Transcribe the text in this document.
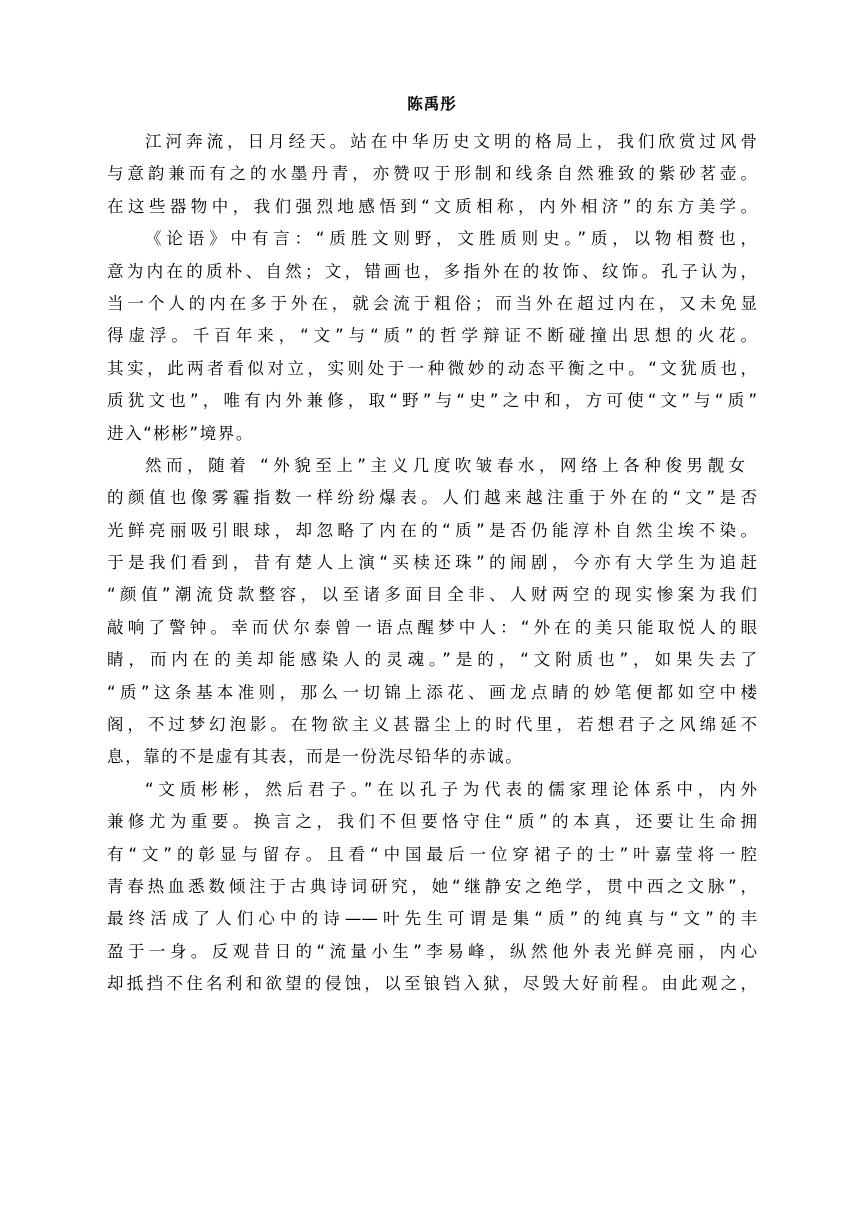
陈禹彤
江河奔流，日月经天。站在中华历史文明的格局上，我们欣赏过风骨
与意韵兼而有之的水墨丹青，亦赞叹于形制和线条自然雅致的紫砂茗壶。
在这些器物中，我们强烈地感悟到“文质相称，内外相济”的东方美学。
《论语》中有言：“质胜文则野，文胜质则史。”质，以物相赘也，
意为内在的质朴、自然；文，错画也，多指外在的妆饰、纹饰。孔子认为，
当一个人的内在多于外在，就会流于粗俗；而当外在超过内在，又未免显
得虚浮。千百年来，“文”与“质”的哲学辩证不断碰撞出思想的火花。
其实，此两者看似对立，实则处于一种微妙的动态平衡之中。“文犹质也，
质犹文也”，唯有内外兼修，取“野”与“史”之中和，方可使“文”与“质”
进入“彬彬”境界。
然而，随着 “外貌至上”主义几度吹皱春水，网络上各种俊男靓女
的颜值也像雾霾指数一样纷纷爆表。人们越来越注重于外在的“文”是否
光鲜亮丽吸引眼球，却忽略了内在的“质”是否仍能淳朴自然尘埃不染。
于是我们看到，昔有楚人上演“买椟还珠”的闹剧，今亦有大学生为追赶
“颜值”潮流贷款整容，以至诸多面目全非、人财两空的现实惨案为我们
敲响了警钟。幸而伏尔泰曾一语点醒梦中人：“外在的美只能取悦人的眼
睛，而内在的美却能感染人的灵魂。”是的，“文附质也”，如果失去了
“质”这条基本准则，那么一切锦上添花、画龙点睛的妙笔便都如空中楼
阁，不过梦幻泡影。在物欲主义甚嚣尘上的时代里，若想君子之风绵延不
息，靠的不是虚有其表，而是一份洗尽铅华的赤诚。
“文质彬彬，然后君子。”在以孔子为代表的儒家理论体系中，内外
兼修尤为重要。换言之，我们不但要恪守住“质”的本真，还要让生命拥
有“文”的彰显与留存。且看“中国最后一位穿裙子的士”叶嘉莹将一腔
青春热血悉数倾注于古典诗词研究，她“继静安之绝学，贯中西之文脉”，
最终活成了人们心中的诗——叶先生可谓是集“质”的纯真与“文”的丰
盈于一身。反观昔日的“流量小生”李易峰，纵然他外表光鲜亮丽，内心
却抵挡不住名利和欲望的侵蚀，以至锒铛入狱，尽毁大好前程。由此观之，
